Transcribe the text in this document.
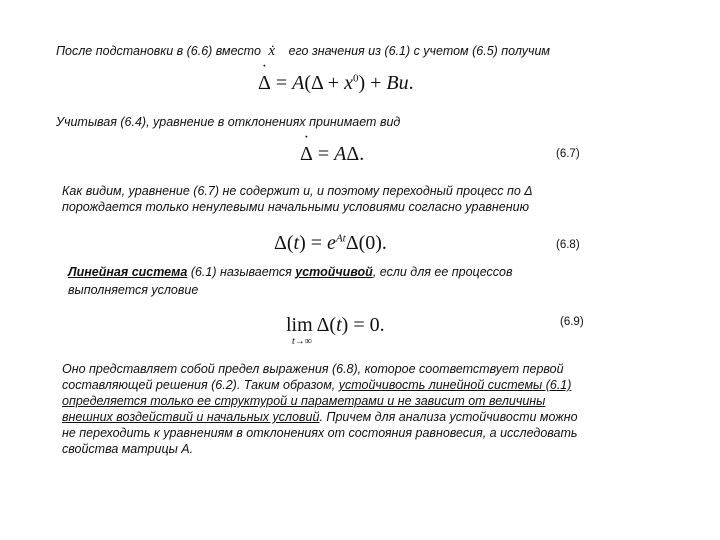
После подстановки в (6.6) вместо ẋ его значения из (6.1) с учетом (6.5) получим
· $\Delta = A(\Delta + x^0) + Bu$.
Учитывая (6.4), уравнение в отклонениях принимает вид
· Δ = AΔ.	(6.7)
Как видим, уравнение (6.7) не содержит u, и поэтому переходный процесс по Δ
порождается только ненулевыми начальными условиями согласно уравнению
$\Delta(t) = e^{At}\Delta(0)$.	(6.8)
Линейная система (6.1) называется устойчивой, если для ее процессов
выполняется условие
lim
t→∞
Δ(t) = 0.	(6.9)
Оно представляет собой предел выражения (6.8), которое соответствует первой
составляющей решения (6.2). Таким образом, устойчивость линейной системы (6.1)
определяется только ее структурой и параметрами и не зависит от величины
внешних воздействий и начальных условий. Причем для анализа устойчивости можно
не переходить к уравнениям в отклонениях от состояния равновесия, а исследовать
свойства матрицы А.
